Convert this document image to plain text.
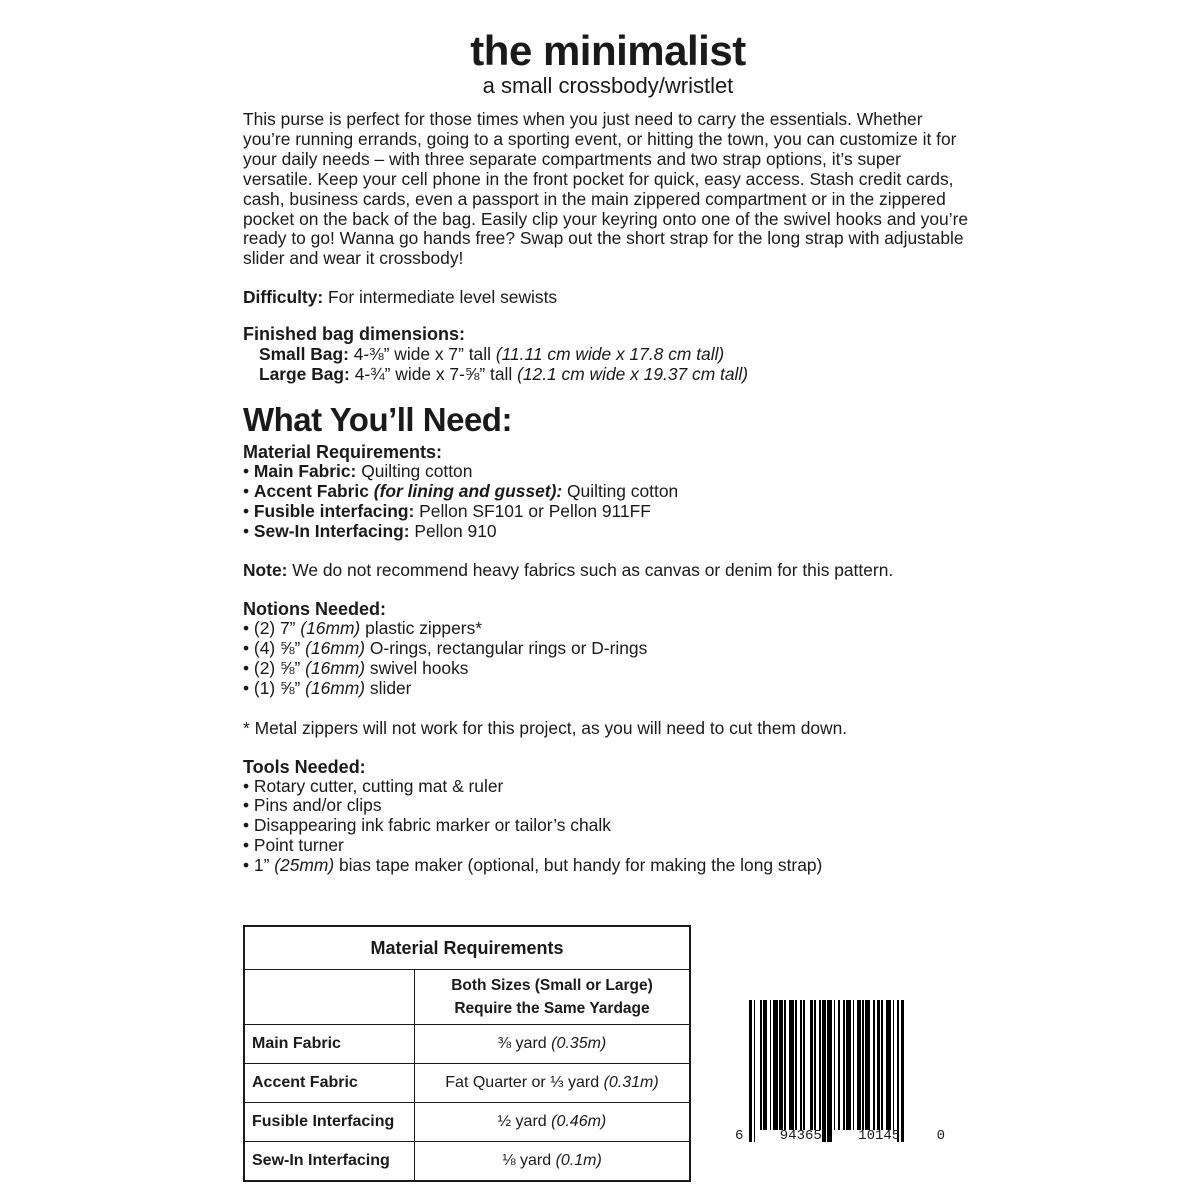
the minimalist
a small crossbody/wristlet

This purse is perfect for those times when you just need to carry the essentials. Whether you’re running errands, going to a sporting event, or hitting the town, you can customize it for your daily needs – with three separate compartments and two strap options, it’s super versatile. Keep your cell phone in the front pocket for quick, easy access. Stash credit cards, cash, business cards, even a passport in the main zippered compartment or in the zippered pocket on the back of the bag. Easily clip your keyring onto one of the swivel hooks and you’re ready to go! Wanna go hands free? Swap out the short strap for the long strap with adjustable slider and wear it crossbody!

Difficulty: For intermediate level sewists
Finished bag dimensions:
Small Bag: 4-⅜” wide x 7” tall (11.11 cm wide x 17.8 cm tall)
Large Bag: 4-¾” wide x 7-⅝” tall (12.1 cm wide x 19.37 cm tall)
What You’ll Need:
Material Requirements:
• Main Fabric: Quilting cotton
• Accent Fabric (for lining and gusset): Quilting cotton
• Fusible interfacing: Pellon SF101 or Pellon 911FF
• Sew-In Interfacing: Pellon 910
Note: We do not recommend heavy fabrics such as canvas or denim for this pattern.
Notions Needed:
• (2) 7” (16mm) plastic zippers*
• (4) ⅝” (16mm) O-rings, rectangular rings or D-rings
• (2) ⅝” (16mm) swivel hooks
• (1) ⅝” (16mm) slider
* Metal zippers will not work for this project, as you will need to cut them down.
Tools Needed:
• Rotary cutter, cutting mat & ruler
• Pins and/or clips
• Disappearing ink fabric marker or tailor’s chalk
• Point turner
• 1” (25mm) bias tape maker (optional, but handy for making the long strap)
Material Requirements	

	Both Sizes (Small or Large)
Require the Same Yardage

Main Fabric	⅜ yard (0.35m)
Accent Fabric	Fat Quarter or ⅓ yard (0.31m)
Fusible Interfacing	½ yard (0.46m)
Sew-In Interfacing	⅛ yard (0.1m)
6	94365	10145	0
